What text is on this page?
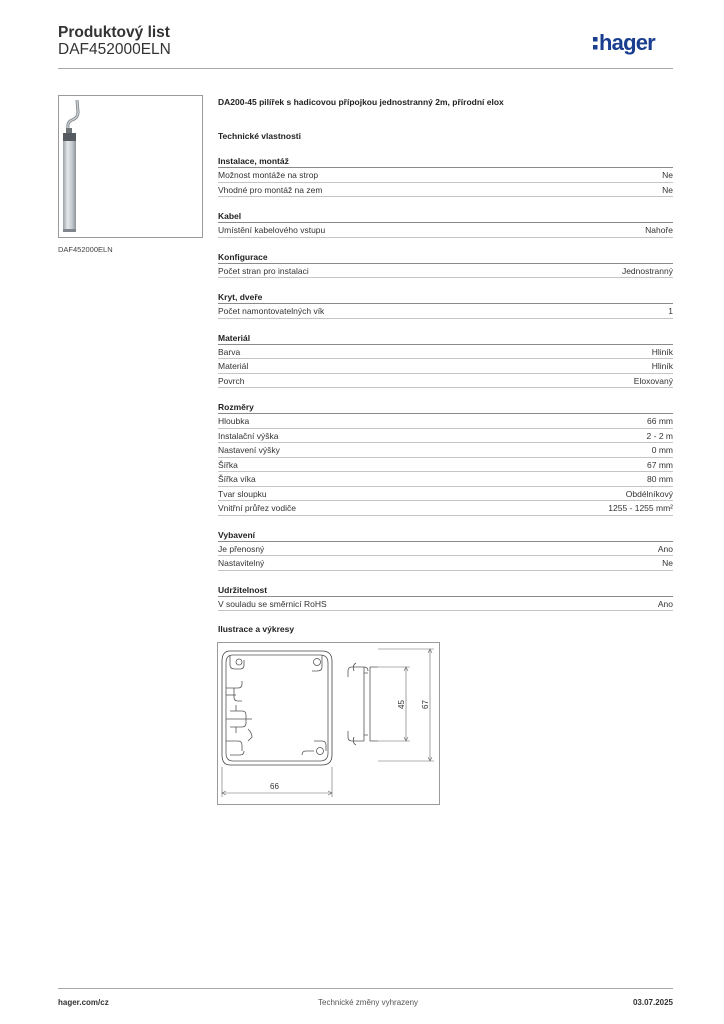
Produktový list
DAF452000ELN	hager
DAF452000ELN
DA200-45 pilířek s hadicovou přípojkou jednostranný 2m, přírodní elox
Technické vlastnosti
Instalace, montáž
Možnost montáže na strop	Ne
Vhodné pro montáž na zem	Ne
Kabel
Umístění kabelového vstupu	Nahoře
Konfigurace
Počet stran pro instalaci	Jednostranný
Kryt, dveře
Počet namontovatelných vík	1
Materiál
Barva	Hliník
Materiál	Hliník
Povrch	Eloxovaný
Rozměry
Hloubka	66 mm
Instalační výška	2 - 2 m
Nastavení výšky	0 mm
Šířka	67 mm
Šířka víka	80 mm
Tvar sloupku	Obdélníkový
Vnitřní průřez vodiče	1255 - 1255 mm²
Vybavení
Je přenosný	Ano
Nastavitelný	Ne
Udržitelnost
V souladu se směrnicí RoHS	Ano
Ilustrace a výkresy
66
45 67
hager.com/cz	Technické změny vyhrazeny	03.07.2025
